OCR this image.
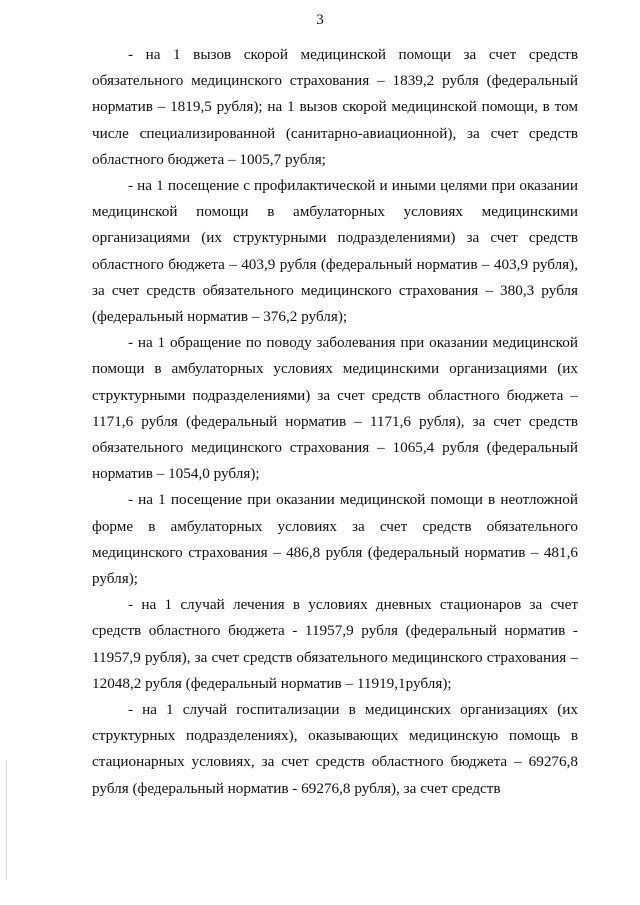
3

- на 1 вызов скорой медицинской помощи за счет средств обязательного медицинского страхования – 1839,2 рубля (федеральный норматив – 1819,5 рубля); на 1 вызов скорой медицинской помощи, в том числе специализированной (санитарно-авиационной), за счет средств областного бюджета – 1005,7 рубля;

- на 1 посещение с профилактической и иными целями при оказании медицинской помощи в амбулаторных условиях медицинскими организациями (их структурными подразделениями) за счет средств областного бюджета – 403,9 рубля (федеральный норматив – 403,9 рубля), за счет средств обязательного медицинского страхования – 380,3 рубля (федеральный норматив – 376,2 рубля);

- на 1 обращение по поводу заболевания при оказании медицинской помощи в амбулаторных условиях медицинскими организациями (их структурными подразделениями) за счет средств областного бюджета – 1171,6 рубля (федеральный норматив – 1171,6 рубля), за счет средств обязательного медицинского страхования – 1065,4 рубля (федеральный норматив – 1054,0 рубля);

- на 1 посещение при оказании медицинской помощи в неотложной форме в амбулаторных условиях за счет средств обязательного медицинского страхования – 486,8 рубля (федеральный норматив – 481,6 рубля);

- на 1 случай лечения в условиях дневных стационаров за счет средств областного бюджета - 11957,9 рубля (федеральный норматив - 11957,9 рубля), за счет средств обязательного медицинского страхования – 12048,2 рубля (федеральный норматив – 11919,1рубля);

- на 1 случай госпитализации в медицинских организациях (их структурных подразделениях), оказывающих медицинскую помощь в стационарных условиях, за счет средств областного бюджета – 69276,8 рубля (федеральный норматив - 69276,8 рубля), за счет средств
